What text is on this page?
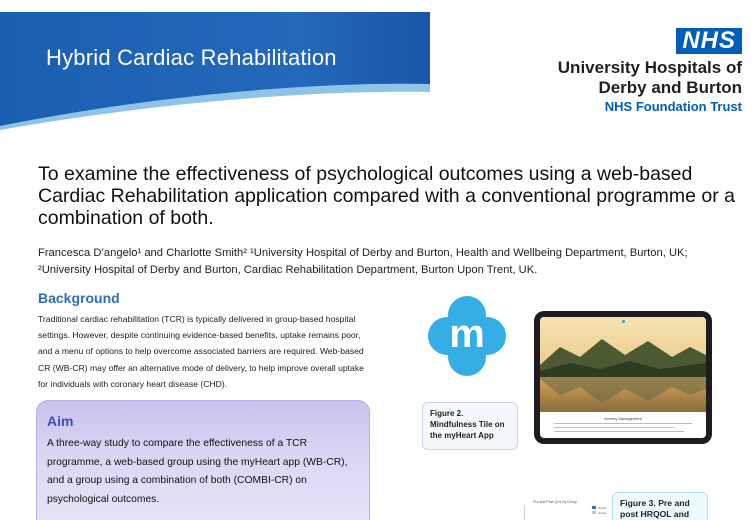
Hybrid Cardiac Rehabilitation
NHS
University Hospitals of
Derby and Burton
NHS Foundation Trust
To examine the effectiveness of psychological outcomes using a web-based Cardiac Rehabilitation application compared with a conventional programme or a combination of both.
Francesca D’angelo¹ and Charlotte Smith² ¹University Hospital of Derby and Burton, Health and Wellbeing Department, Burton, UK; ²University Hospital of Derby and Burton, Cardiac Rehabilitation Department, Burton Upon Trent, UK.
Background
Traditional cardiac rehabilitation (TCR) is typically delivered in group-based hospital settings. However, despite continuing evidence-based benefits, uptake remains poor, and a menu of options to help overcome associated barriers are required. Web-based CR (WB-CR) may offer an alternative mode of delivery, to help improve overall uptake for individuals with coronary heart disease (CHD).
Aim
A three-way study to compare the effectiveness of a TCR programme, a web-based group using the myHeart app (WB-CR), and a group using a combination of both (COMBI-CR) on psychological outcomes.
m
Anxiety Management
Figure 2. Mindfulness Tile on the myHeart App
Pre and Post QOL by Group
Group
Group
Figure 3. Pre and post HRQOL and
